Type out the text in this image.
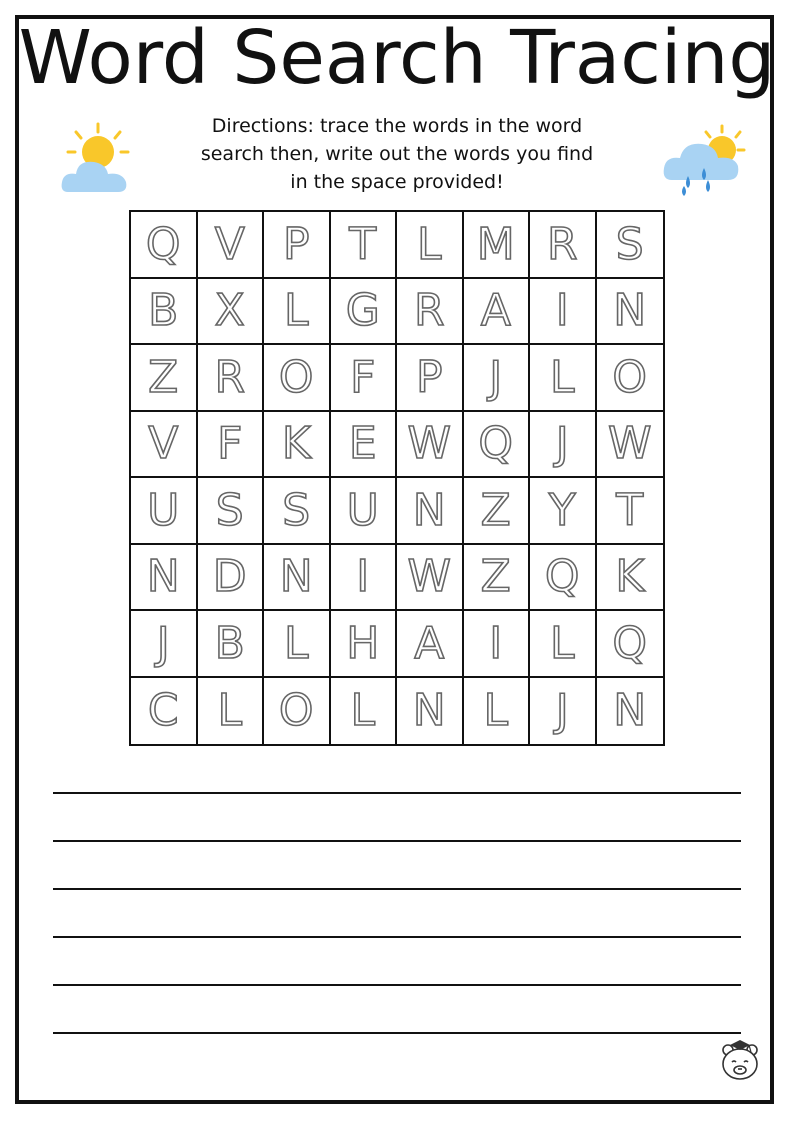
Word Search Tracing
Directions: trace the words in the word
search then, write out the words you find
in the space provided!
Q V P T L M R S
B X L G R A I N
Z R O F P J L O
V F K E W Q J W
U S S U N Z Y T
N D N I W Z Q K
J B L H A I L Q
C L O L N L J N
